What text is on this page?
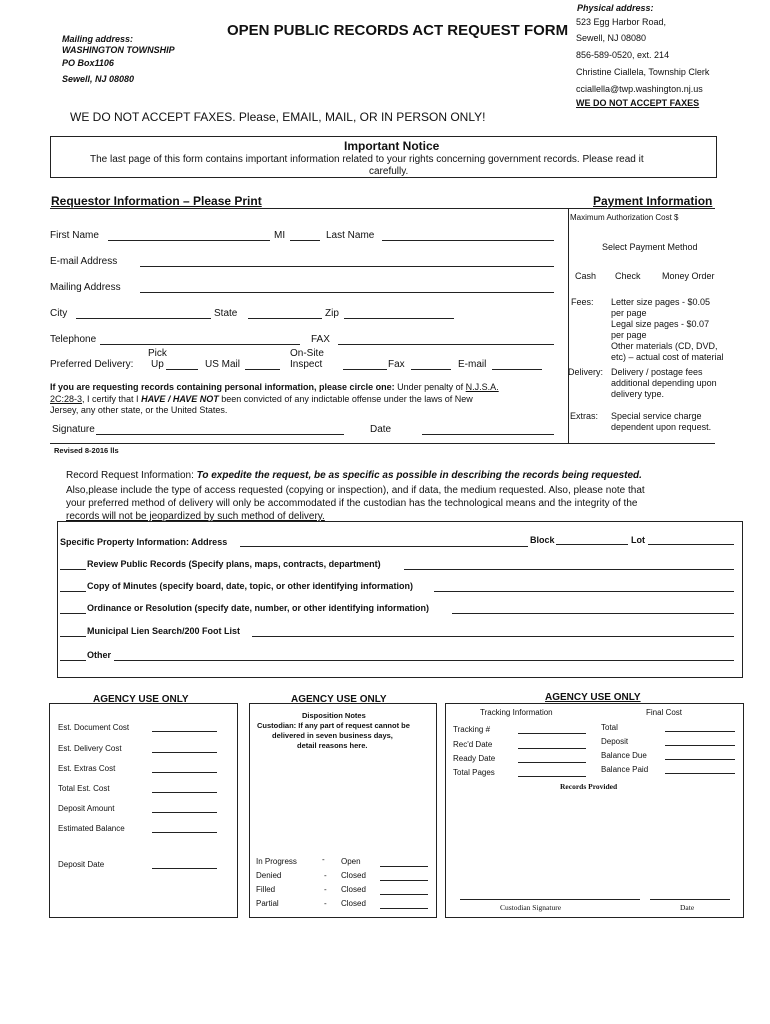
Mailing address:
WASHINGTON TOWNSHIP
PO Box1106
Sewell, NJ 08080
OPEN PUBLIC RECORDS ACT REQUEST FORM
Physical address:
523 Egg Harbor Road,
Sewell, NJ 08080
856-589-0520, ext. 214
Christine Ciallela, Township Clerk
cciallella@twp.washington.nj.us
WE DO NOT ACCEPT FAXES
WE DO NOT ACCEPT FAXES. Please, EMAIL, MAIL, OR IN PERSON ONLY!
Important Notice
The last page of this form contains important information related to your rights concerning government records. Please read it
carefully.
Requestor Information – Please Print	Payment Information
First Name	MI	Last Name
E-mail Address
Mailing Address
City	State	Zip
Telephone	FAX
Preferred Delivery:
Pick
Up	US Mail
On-Site
Inspect	Fax	E-mail
If you are requesting records containing personal information, please circle one: Under penalty of N.J.S.A.
2C:28-3, I certify that I HAVE / HAVE NOT been convicted of any indictable offense under the laws of New
Jersey, any other state, or the United States.
Signature	Date
Revised 8-2016 lls
Maximum Authorization Cost $
Select Payment Method
Cash Check Money Order
Fees: Letter size pages - $0.05
per page
Legal size pages - $0.07
per page
Other materials (CD, DVD,
etc) – actual cost of material
Delivery: Delivery / postage fees
additional depending upon
delivery type.
Extras: Special service charge
dependent upon request.
Record Request Information: To expedite the request, be as specific as possible in describing the records being requested.
Also,please include the type of access requested (copying or inspection), and if data, the medium requested. Also, please note that
your preferred method of delivery will only be accommodated if the custodian has the technological means and the integrity of the
records will not be jeopardized by such method of delivery.
Specific Property Information: Address	Block	Lot
Review Public Records (Specify plans, maps, contracts, department)
Copy of Minutes (specify board, date, topic, or other identifying information)
Ordinance or Resolution (specify date, number, or other identifying information)
Municipal Lien Search/200 Foot List
Other
AGENCY USE ONLY	AGENCY USE ONLY	AGENCY USE ONLY
Est. Document Cost
Est. Delivery Cost
Est. Extras Cost
Total Est. Cost
Deposit Amount
Estimated Balance
Deposit Date
Disposition Notes
Custodian: If any part of request cannot be
delivered in seven business days,
detail reasons here.
In Progress	- Open
Denied	- Closed
Filled	- Closed
Partial	- Closed
Tracking Information	Final Cost
Tracking #
Rec'd Date
Ready Date
Total Pages
Total
Deposit
Balance Due
Balance Paid
Records Provided
Custodian Signature	Date
